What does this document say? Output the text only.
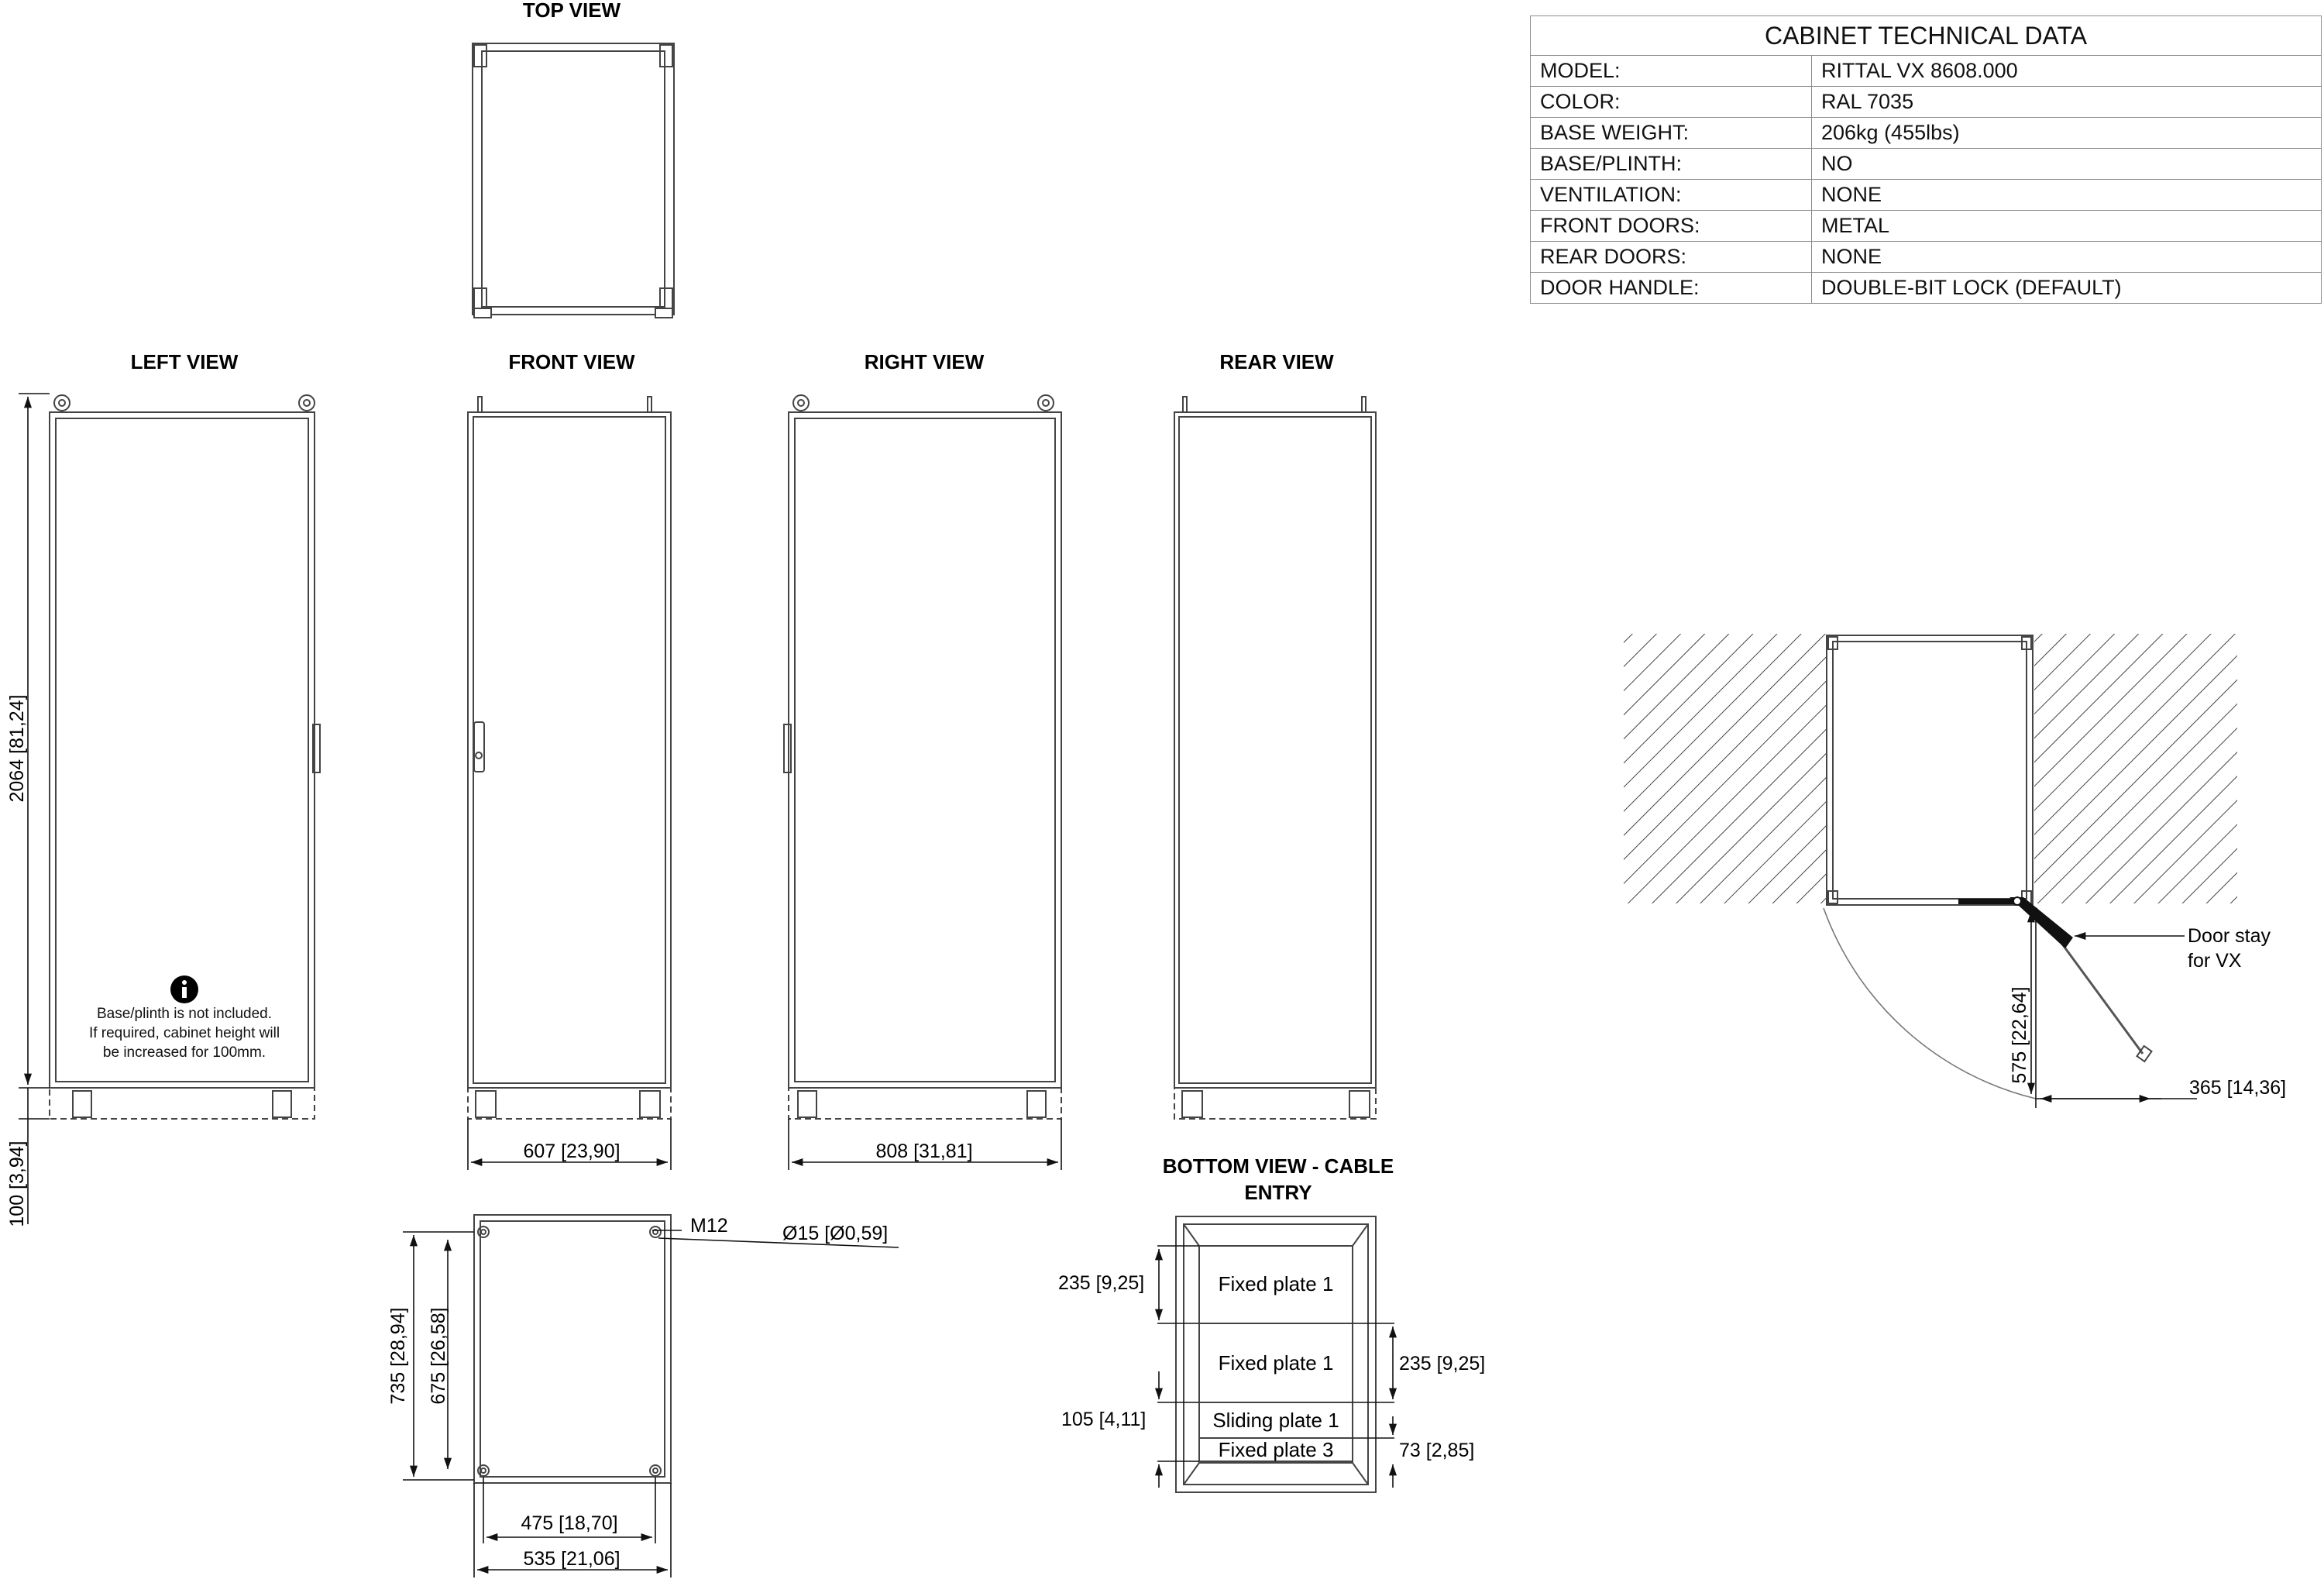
TOP VIEW
LEFT VIEW	FRONT VIEW	RIGHT VIEW	REAR VIEW
BOTTOM VIEW - CABLE
ENTRY
2064 [81,24]
100 [3,94]	607 [23,90]	808 [31,81]
735 [28,94] 675 [26,58]
475 [18,70]
535 [21,06]
575 [22,64]
M12	Ø15 [Ø0,59]
235 [9,25]
235 [9,25]
105 [4,11]
73 [2,85]
365 [14,36]
Door stay
for VX
Fixed plate 1
Fixed plate 1
Sliding plate 1
Fixed plate 3
Base/plinth is not included.
If required, cabinet height will
be increased for 100mm.
CABINET TECHNICAL DATA	
MODEL:	RITTAL VX 8608.000
COLOR:	RAL 7035
BASE WEIGHT:	206kg (455lbs)
BASE/PLINTH:	NO
VENTILATION:	NONE
FRONT DOORS:	METAL
REAR DOORS:	NONE
DOOR HANDLE:	DOUBLE-BIT LOCK (DEFAULT)
